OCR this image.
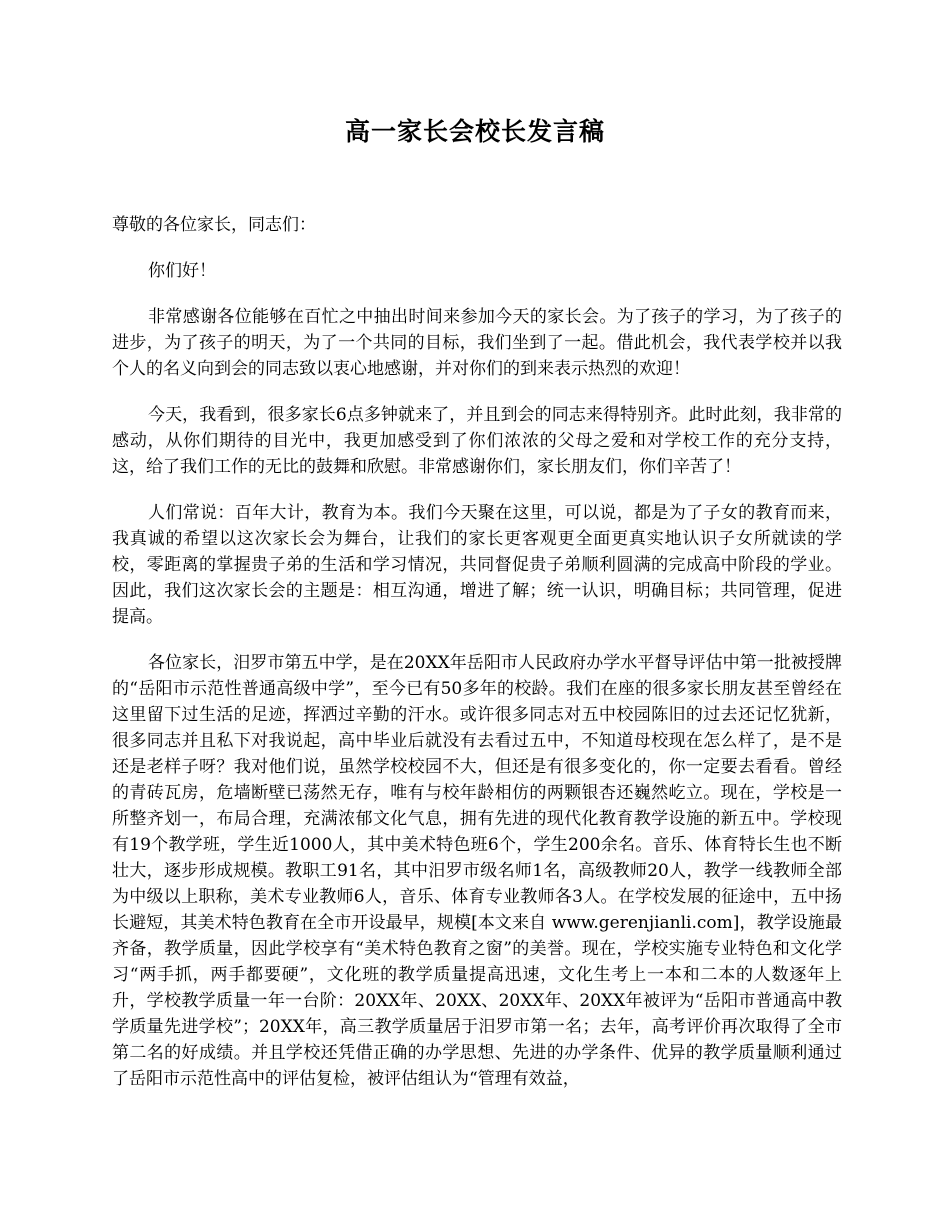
高一家长会校长发言稿

尊敬的各位家长，同志们：

你们好！

非常感谢各位能够在百忙之中抽出时间来参加今天的家长会。为了孩子的学习，为了孩子的进步，为了孩子的明天，为了一个共同的目标，我们坐到了一起。借此机会，我代表学校并以我个人的名义向到会的同志致以衷心地感谢，并对你们的到来表示热烈的欢迎！

今天，我看到，很多家长6点多钟就来了，并且到会的同志来得特别齐。此时此刻，我非常的感动，从你们期待的目光中，我更加感受到了你们浓浓的父母之爱和对学校工作的充分支持，这，给了我们工作的无比的鼓舞和欣慰。非常感谢你们，家长朋友们，你们辛苦了！

人们常说：百年大计，教育为本。我们今天聚在这里，可以说，都是为了子女的教育而来，我真诚的希望以这次家长会为舞台，让我们的家长更客观更全面更真实地认识子女所就读的学校，零距离的掌握贵子弟的生活和学习情况，共同督促贵子弟顺利圆满的完成高中阶段的学业。因此，我们这次家长会的主题是：相互沟通，增进了解；统一认识，明确目标；共同管理，促进提高。

各位家长，汨罗市第五中学，是在20XX年岳阳市人民政府办学水平督导评估中第一批被授牌的“岳阳市示范性普通高级中学”，至今已有50多年的校龄。我们在座的很多家长朋友甚至曾经在这里留下过生活的足迹，挥洒过辛勤的汗水。或许很多同志对五中校园陈旧的过去还记忆犹新，很多同志并且私下对我说起，高中毕业后就没有去看过五中，不知道母校现在怎么样了，是不是还是老样子呀？我对他们说，虽然学校校园不大，但还是有很多变化的，你一定要去看看。曾经的青砖瓦房，危墙断壁已荡然无存，唯有与校年龄相仿的两颗银杏还巍然屹立。现在，学校是一所整齐划一，布局合理，充满浓郁文化气息，拥有先进的现代化教育教学设施的新五中。学校现有19个教学班，学生近1000人，其中美术特色班6个，学生200余名。音乐、体育特长生也不断壮大，逐步形成规模。教职工91名，其中汨罗市级名师1名，高级教师20人，教学一线教师全部为中级以上职称，美术专业教师6人，音乐、体育专业教师各3人。在学校发展的征途中，五中扬长避短，其美术特色教育在全市开设最早，规模[本文来自 www.gerenjianli.com]，教学设施最齐备，教学质量，因此学校享有“美术特色教育之窗”的美誉。现在，学校实施专业特色和文化学习“两手抓，两手都要硬”，文化班的教学质量提高迅速，文化生考上一本和二本的人数逐年上升，学校教学质量一年一台阶：20XX年、20XX、20XX年、20XX年被评为“岳阳市普通高中教学质量先进学校”；20XX年，高三教学质量居于汨罗市第一名；去年，高考评价再次取得了全市第二名的好成绩。并且学校还凭借正确的办学思想、先进的办学条件、优异的教学质量顺利通过了岳阳市示范性高中的评估复检，被评估组认为“管理有效益，
